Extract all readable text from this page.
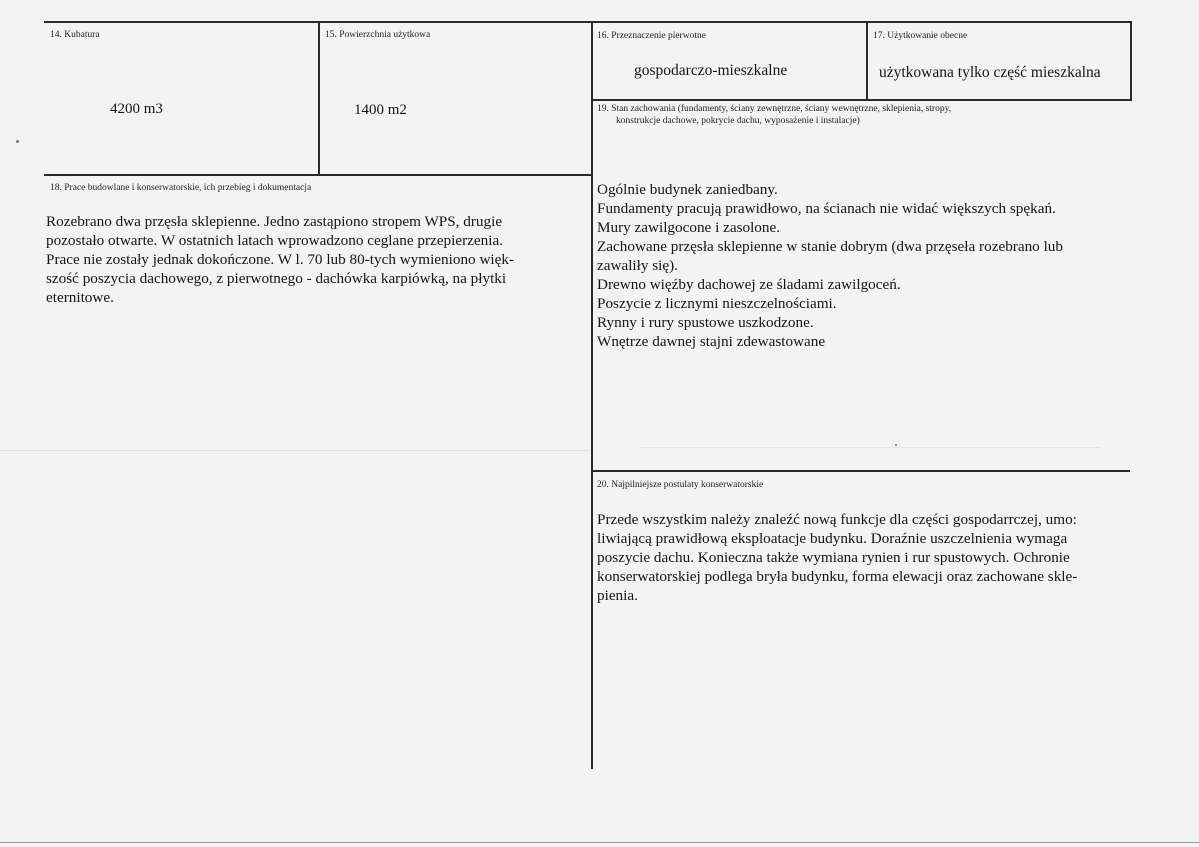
14. Kubatura
4200 m3
15. Powierzchnia użytkowa
1400 m2
16. Przeznaczenie pierwotne
gospodarczo-mieszkalne
17. Użytkowanie obecne
użytkowana tylko część mieszkalna
18. Prace budowlane i konserwatorskie, ich przebieg i dokumentacja
Rozebrano dwa przęsła sklepienne. Jedno zastąpiono stropem WPS, drugie
pozostało otwarte. W ostatnich latach wprowadzono ceglane przepierzenia.
Prace nie zostały jednak dokończone. W l. 70 lub 80-tych wymieniono więk-
szość poszycia dachowego, z pierwotnego - dachówka karpiówką, na płytki
eternitowe.
19. Stan zachowania (fundamenty, ściany zewnętrzne, ściany wewnętrzne, sklepienia, stropy,
konstrukcje dachowe, pokrycie dachu, wyposażenie i instalacje)
Ogólnie budynek zaniedbany.
Fundamenty pracują prawidłowo, na ścianach nie widać większych spękań.
Mury zawilgocone i zasolone.
Zachowane przęsła sklepienne w stanie dobrym (dwa przęseła rozebrano lub
zawaliły się).
Drewno więźby dachowej ze śladami zawilgoceń.
Poszycie z licznymi nieszczelnościami.
Rynny i rury spustowe uszkodzone.
Wnętrze dawnej stajni zdewastowane
20. Najpilniejsze postulaty konserwatorskie
Przede wszystkim należy znaleźć nową funkcje dla części gospodarrczej, umo:
liwiającą prawidłową eksploatacje budynku. Doraźnie uszczelnienia wymaga
poszycie dachu. Konieczna także wymiana rynien i rur spustowych. Ochronie
konserwatorskiej podlega bryła budynku, forma elewacji oraz zachowane skle-
pienia.
